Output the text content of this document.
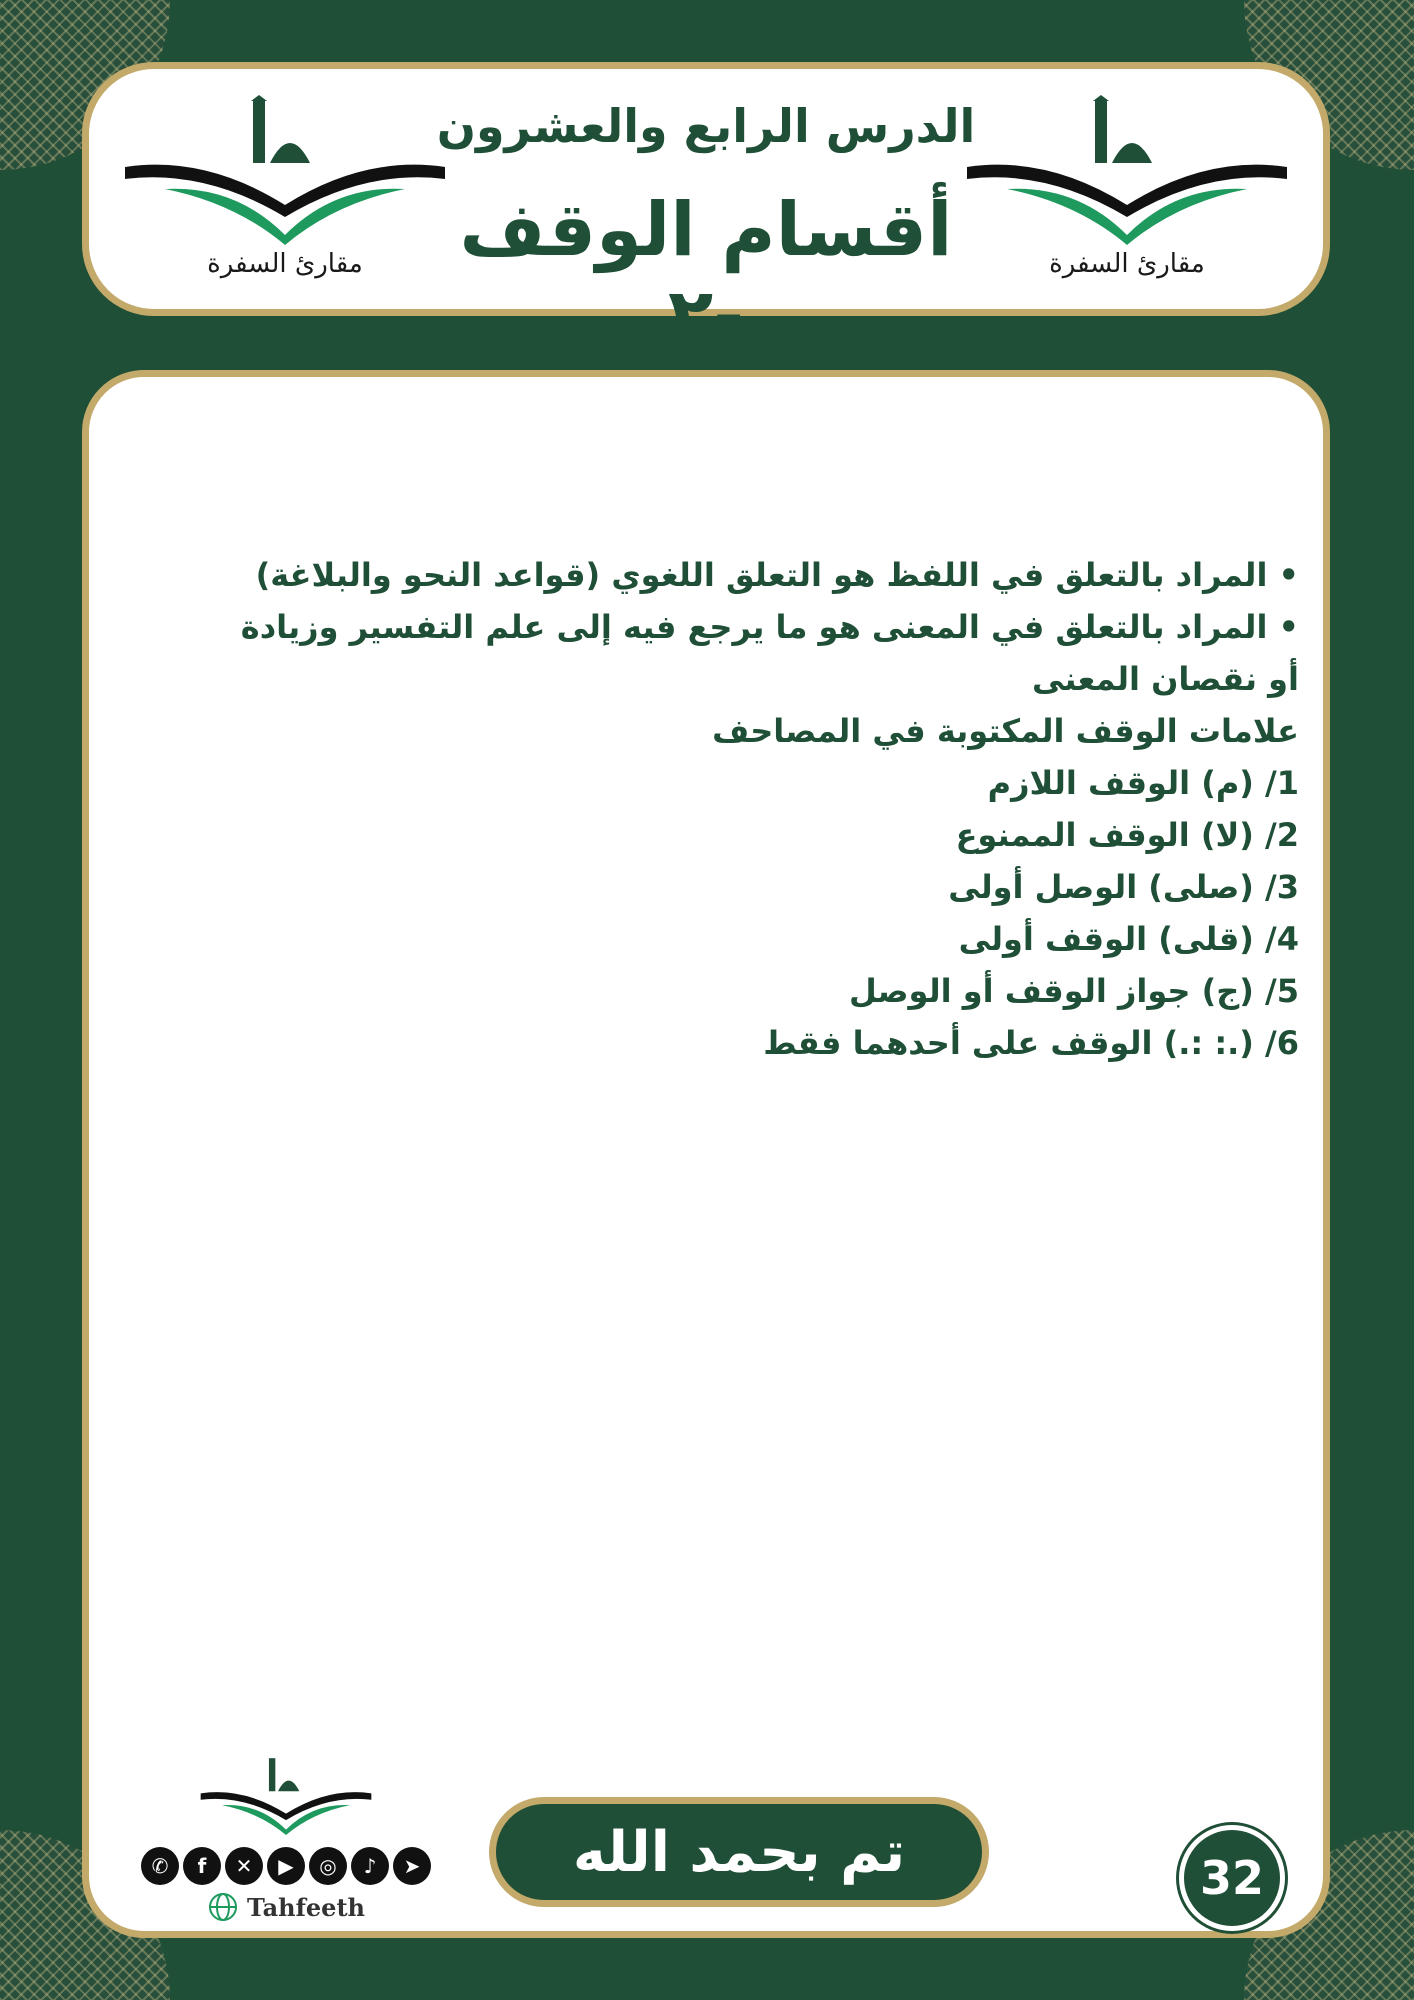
مقارئ السفرة
الدرس الرابع والعشرون
أقسام الوقف -٢
مقارئ السفرة

• المراد بالتعلق في اللفظ هو التعلق اللغوي (قواعد النحو والبلاغة)

• المراد بالتعلق في المعنى هو ما يرجع فيه إلى علم التفسير وزيادة أو نقصان المعنى

علامات الوقف المكتوبة في المصاحف

1/ (م) الوقف اللازم

2/ (لا) الوقف الممنوع

3/ (صلى) الوصل أولى

4/ (قلى) الوقف أولى

5/ (ج) جواز الوقف أو الوصل

6/ (.: :.) الوقف على أحدهما فقط

✆	f	✕	▶	◎	♪	➤
Tahfeeth
تم بحمد الله	32
